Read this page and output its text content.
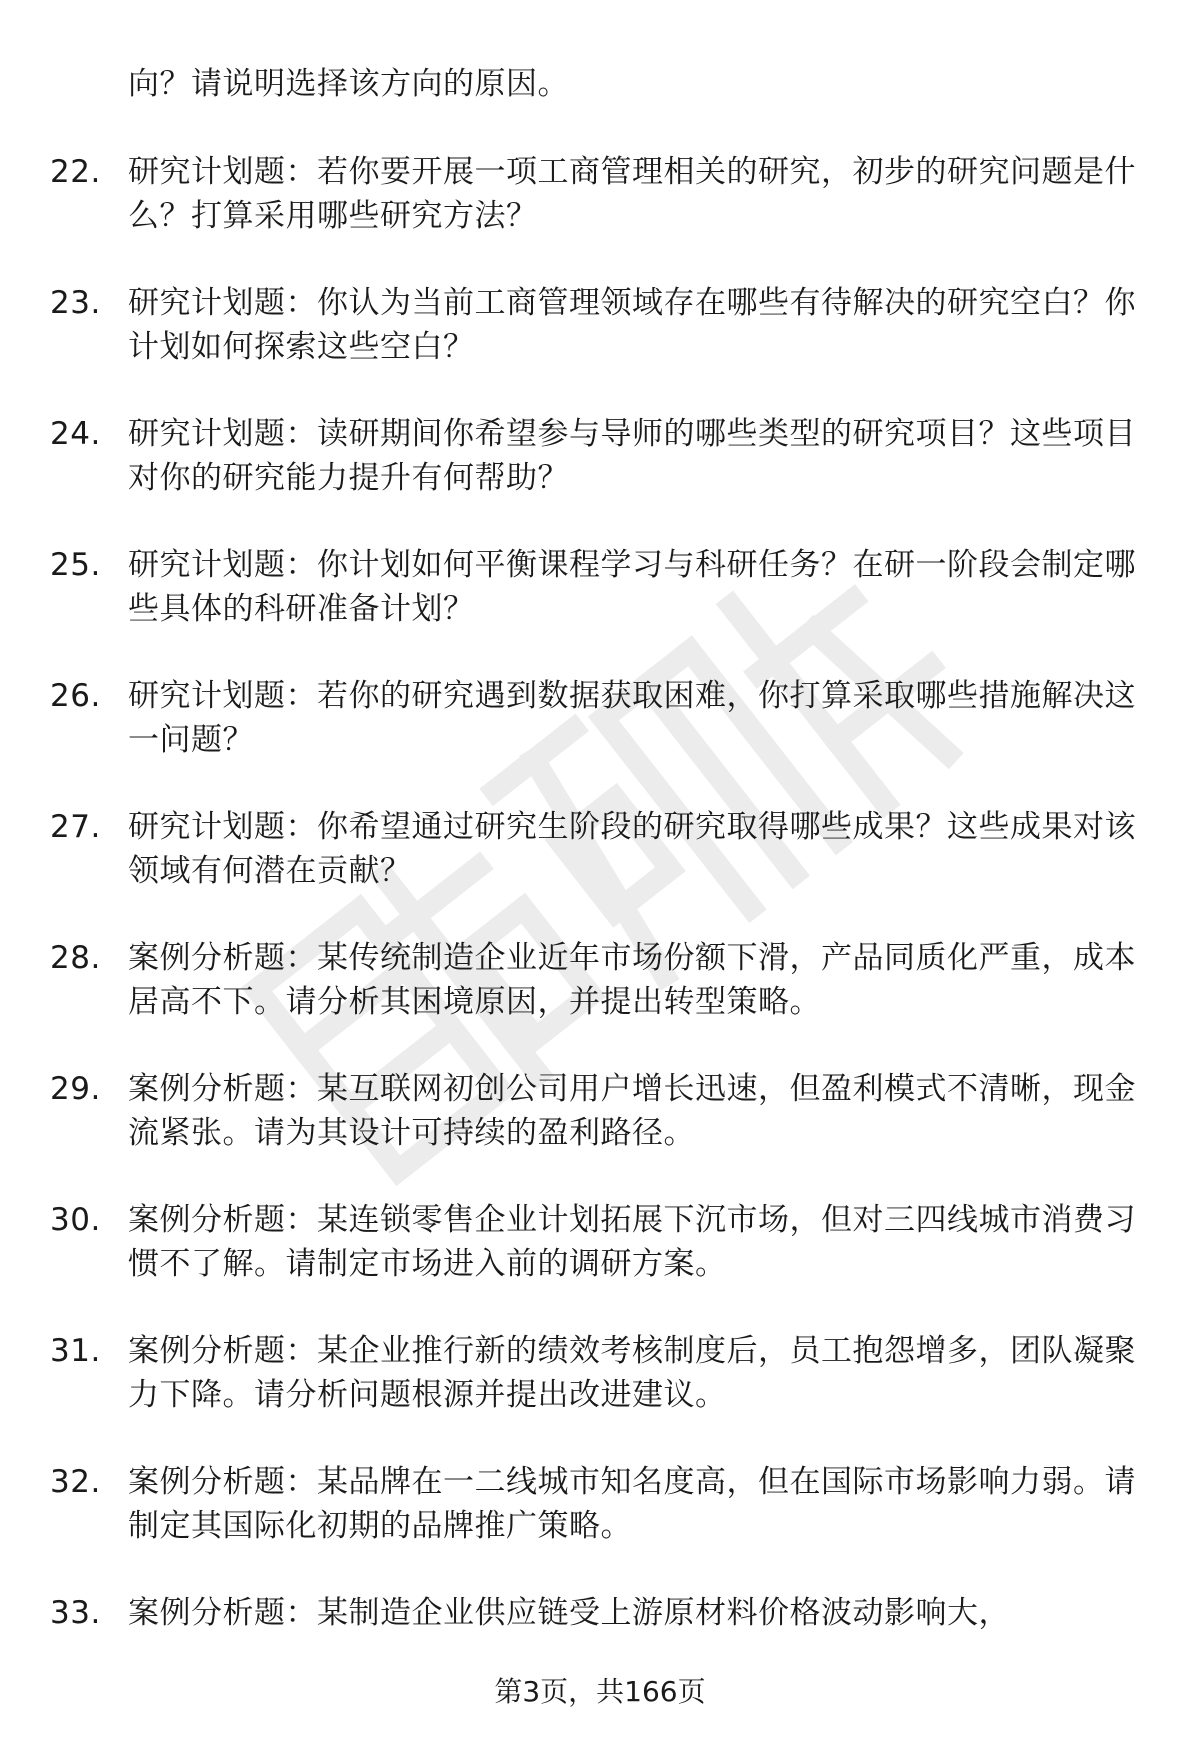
向？请说明选择该方向的原因。
22. 研究计划题：若你要开展一项工商管理相关的研究，初步的研究问题是什么？打算采用哪些研究方法？
23. 研究计划题：你认为当前工商管理领域存在哪些有待解决的研究空白？你计划如何探索这些空白？
24. 研究计划题：读研期间你希望参与导师的哪些类型的研究项目？这些项目对你的研究能力提升有何帮助？
25. 研究计划题：你计划如何平衡课程学习与科研任务？在研一阶段会制定哪些具体的科研准备计划？
26. 研究计划题：若你的研究遇到数据获取困难，你打算采取哪些措施解决这一问题？
27. 研究计划题：你希望通过研究生阶段的研究取得哪些成果？这些成果对该领域有何潜在贡献？
28. 案例分析题：某传统制造企业近年市场份额下滑，产品同质化严重，成本居高不下。请分析其困境原因，并提出转型策略。
29. 案例分析题：某互联网初创公司用户增长迅速，但盈利模式不清晰，现金流紧张。请为其设计可持续的盈利路径。
30. 案例分析题：某连锁零售企业计划拓展下沉市场，但对三四线城市消费习惯不了解。请制定市场进入前的调研方案。
31. 案例分析题：某企业推行新的绩效考核制度后，员工抱怨增多，团队凝聚力下降。请分析问题根源并提出改进建议。
32. 案例分析题：某品牌在一二线城市知名度高，但在国际市场影响力弱。请制定其国际化初期的品牌推广策略。
33. 案例分析题：某制造企业供应链受上游原材料价格波动影响大，
第3页，共166页
